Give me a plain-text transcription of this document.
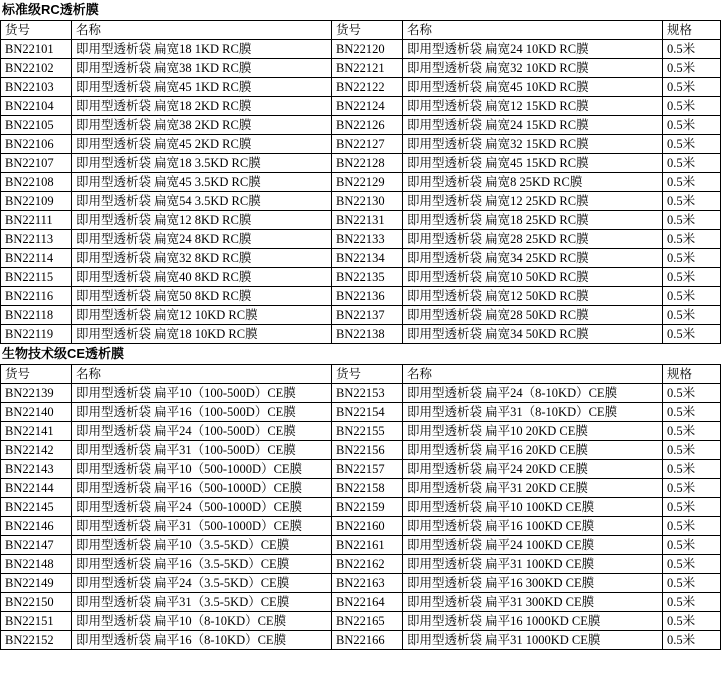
标准级RC透析膜
货号	名称	货号	名称	规格
BN22101	即用型透析袋 扁宽18 1KD RC膜	BN22120	即用型透析袋 扁宽24 10KD RC膜	0.5米
BN22102	即用型透析袋 扁宽38 1KD RC膜	BN22121	即用型透析袋 扁宽32 10KD RC膜	0.5米
BN22103	即用型透析袋 扁宽45 1KD RC膜	BN22122	即用型透析袋 扁宽45 10KD RC膜	0.5米
BN22104	即用型透析袋 扁宽18 2KD RC膜	BN22124	即用型透析袋 扁宽12 15KD RC膜	0.5米
BN22105	即用型透析袋 扁宽38 2KD RC膜	BN22126	即用型透析袋 扁宽24 15KD RC膜	0.5米
BN22106	即用型透析袋 扁宽45 2KD RC膜	BN22127	即用型透析袋 扁宽32 15KD RC膜	0.5米
BN22107	即用型透析袋 扁宽18 3.5KD RC膜	BN22128	即用型透析袋 扁宽45 15KD RC膜	0.5米
BN22108	即用型透析袋 扁宽45 3.5KD RC膜	BN22129	即用型透析袋 扁宽8 25KD RC膜	0.5米
BN22109	即用型透析袋 扁宽54 3.5KD RC膜	BN22130	即用型透析袋 扁宽12 25KD RC膜	0.5米
BN22111	即用型透析袋 扁宽12 8KD RC膜	BN22131	即用型透析袋 扁宽18 25KD RC膜	0.5米
BN22113	即用型透析袋 扁宽24 8KD RC膜	BN22133	即用型透析袋 扁宽28 25KD RC膜	0.5米
BN22114	即用型透析袋 扁宽32 8KD RC膜	BN22134	即用型透析袋 扁宽34 25KD RC膜	0.5米
BN22115	即用型透析袋 扁宽40 8KD RC膜	BN22135	即用型透析袋 扁宽10 50KD RC膜	0.5米
BN22116	即用型透析袋 扁宽50 8KD RC膜	BN22136	即用型透析袋 扁宽12 50KD RC膜	0.5米
BN22118	即用型透析袋 扁宽12 10KD RC膜	BN22137	即用型透析袋 扁宽28 50KD RC膜	0.5米
BN22119	即用型透析袋 扁宽18 10KD RC膜	BN22138	即用型透析袋 扁宽34 50KD RC膜	0.5米
生物技术级CE透析膜
货号	名称	货号	名称	规格
BN22139	即用型透析袋 扁平10（100-500D）CE膜	BN22153	即用型透析袋 扁平24（8-10KD）CE膜	0.5米
BN22140	即用型透析袋 扁平16（100-500D）CE膜	BN22154	即用型透析袋 扁平31（8-10KD）CE膜	0.5米
BN22141	即用型透析袋 扁平24（100-500D）CE膜	BN22155	即用型透析袋 扁平10 20KD CE膜	0.5米
BN22142	即用型透析袋 扁平31（100-500D）CE膜	BN22156	即用型透析袋 扁平16 20KD CE膜	0.5米
BN22143	即用型透析袋 扁平10（500-1000D）CE膜	BN22157	即用型透析袋 扁平24 20KD CE膜	0.5米
BN22144	即用型透析袋 扁平16（500-1000D）CE膜	BN22158	即用型透析袋 扁平31 20KD CE膜	0.5米
BN22145	即用型透析袋 扁平24（500-1000D）CE膜	BN22159	即用型透析袋 扁平10 100KD CE膜	0.5米
BN22146	即用型透析袋 扁平31（500-1000D）CE膜	BN22160	即用型透析袋 扁平16 100KD CE膜	0.5米
BN22147	即用型透析袋 扁平10（3.5-5KD）CE膜	BN22161	即用型透析袋 扁平24 100KD CE膜	0.5米
BN22148	即用型透析袋 扁平16（3.5-5KD）CE膜	BN22162	即用型透析袋 扁平31 100KD CE膜	0.5米
BN22149	即用型透析袋 扁平24（3.5-5KD）CE膜	BN22163	即用型透析袋 扁平16 300KD CE膜	0.5米
BN22150	即用型透析袋 扁平31（3.5-5KD）CE膜	BN22164	即用型透析袋 扁平31 300KD CE膜	0.5米
BN22151	即用型透析袋 扁平10（8-10KD）CE膜	BN22165	即用型透析袋 扁平16 1000KD CE膜	0.5米
BN22152	即用型透析袋 扁平16（8-10KD）CE膜	BN22166	即用型透析袋 扁平31 1000KD CE膜	0.5米
